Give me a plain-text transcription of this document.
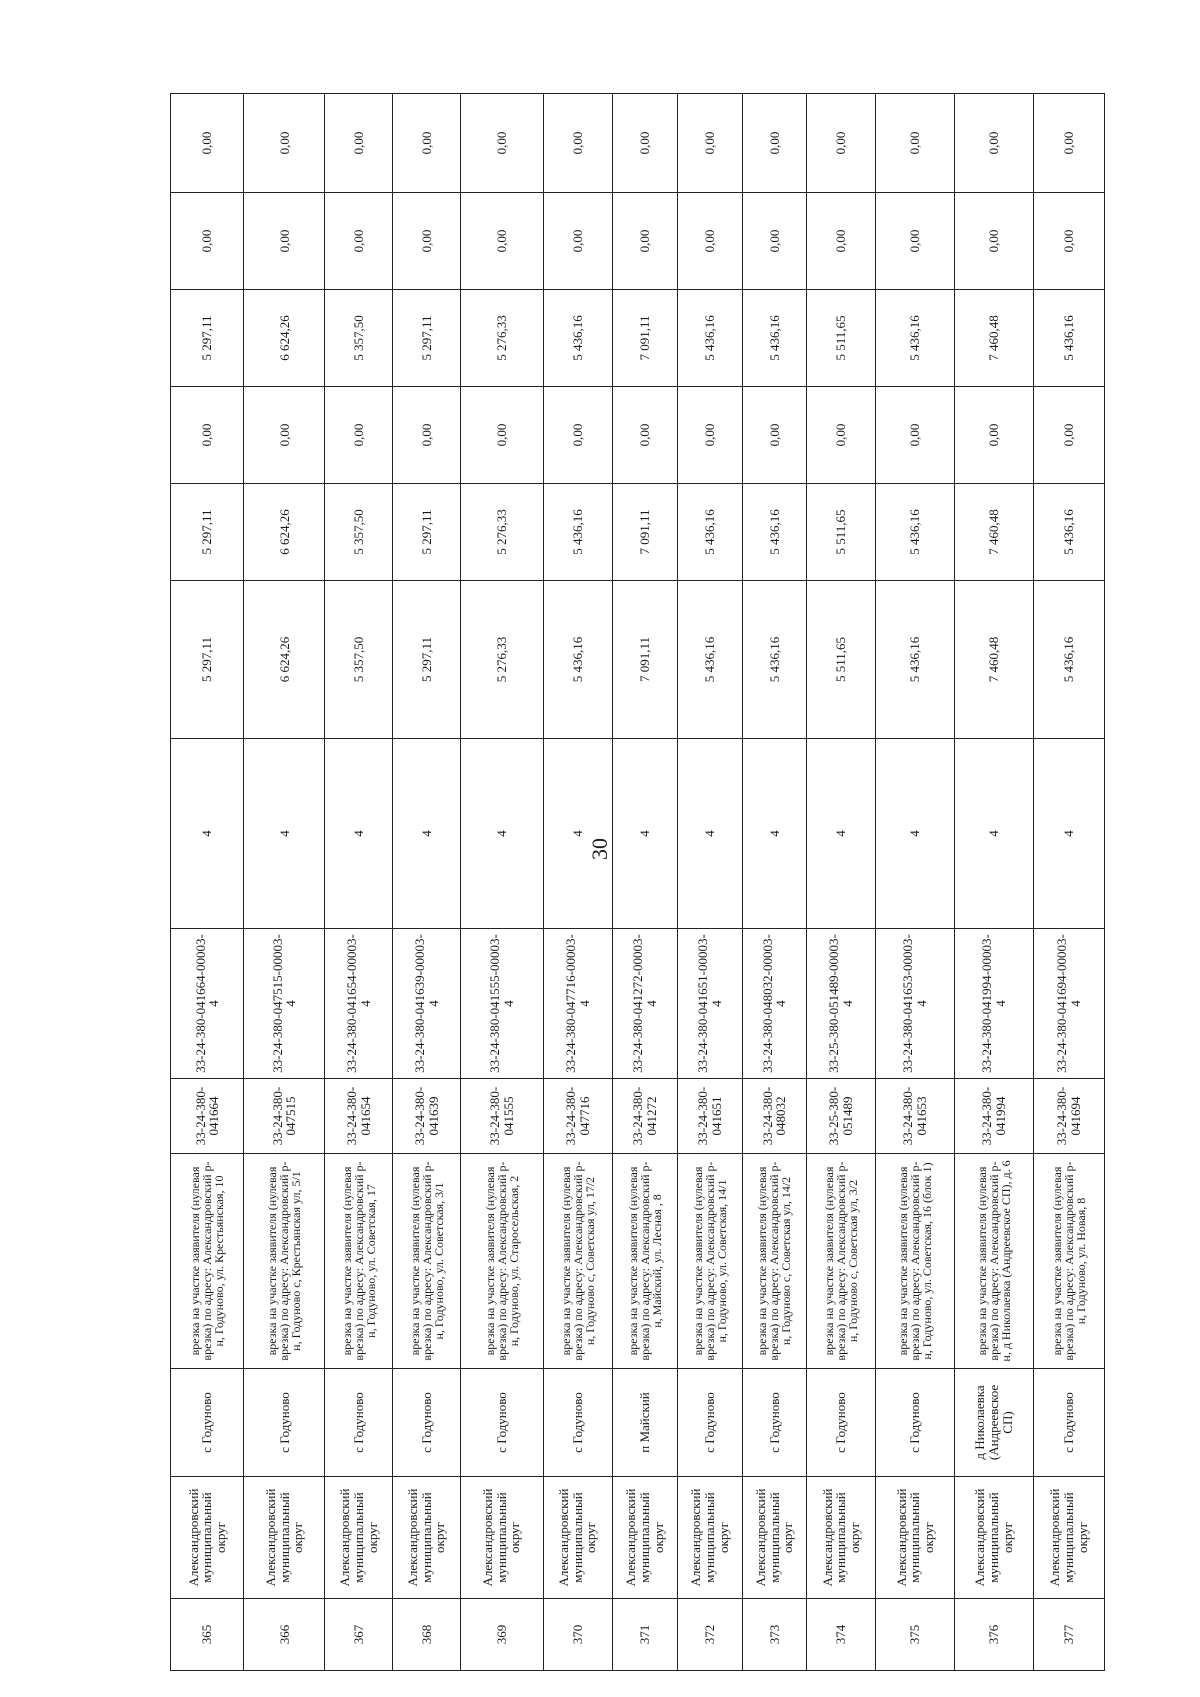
30
365	Александровский муниципальный округ	с Годуново	врезка на участке заявителя (нулевая врезка) по адресу: Александровский р-н, Годуново, ул. Крестьянская, 10	33-24-380-041664	33-24-380-041664-00003-4	4	5 297,11	5 297,11	0,00	5 297,11	0,00	0,00
366	Александровский муниципальный округ	с Годуново	врезка на участке заявителя (нулевая врезка) по адресу: Александровский р-н, Годуново с, Крестьянская ул, 5/1	33-24-380-047515	33-24-380-047515-00003-4	4	6 624,26	6 624,26	0,00	6 624,26	0,00	0,00
367	Александровский муниципальный округ	с Годуново	врезка на участке заявителя (нулевая врезка) по адресу: Александровский р-н, Годуново, ул. Советская, 17	33-24-380-041654	33-24-380-041654-00003-4	4	5 357,50	5 357,50	0,00	5 357,50	0,00	0,00
368	Александровский муниципальный округ	с Годуново	врезка на участке заявителя (нулевая врезка) по адресу: Александровский р-н, Годуново, ул. Советская, 3/1	33-24-380-041639	33-24-380-041639-00003-4	4	5 297,11	5 297,11	0,00	5 297,11	0,00	0,00
369	Александровский муниципальный округ	с Годуново	врезка на участке заявителя (нулевая врезка) по адресу: Александровский р-н, Годуново, ул. Старосельская, 2	33-24-380-041555	33-24-380-041555-00003-4	4	5 276,33	5 276,33	0,00	5 276,33	0,00	0,00
370	Александровский муниципальный округ	с Годуново	врезка на участке заявителя (нулевая врезка) по адресу: Александровский р-н, Годуново с, Советская ул, 17/2	33-24-380-047716	33-24-380-047716-00003-4	4	5 436,16	5 436,16	0,00	5 436,16	0,00	0,00
371	Александровский муниципальный округ	п Майский	врезка на участке заявителя (нулевая врезка) по адресу: Александровский р-н, Майский, ул. Лесная , 8	33-24-380-041272	33-24-380-041272-00003-4	4	7 091,11	7 091,11	0,00	7 091,11	0,00	0,00
372	Александровский муниципальный округ	с Годуново	врезка на участке заявителя (нулевая врезка) по адресу: Александровский р-н, Годуново, ул. Советская, 14/1	33-24-380-041651	33-24-380-041651-00003-4	4	5 436,16	5 436,16	0,00	5 436,16	0,00	0,00
373	Александровский муниципальный округ	с Годуново	врезка на участке заявителя (нулевая врезка) по адресу: Александровский р-н, Годуново с, Советская ул, 14/2	33-24-380-048032	33-24-380-048032-00003-4	4	5 436,16	5 436,16	0,00	5 436,16	0,00	0,00
374	Александровский муниципальный округ	с Годуново	врезка на участке заявителя (нулевая врезка) по адресу: Александровский р-н, Годуново с, Советская ул, 3/2	33-25-380-051489	33-25-380-051489-00003-4	4	5 511,65	5 511,65	0,00	5 511,65	0,00	0,00
375	Александровский муниципальный округ	с Годуново	врезка на участке заявителя (нулевая врезка) по адресу: Александровский р-н, Годуново, ул. Советская, 16 (блок 1)	33-24-380-041653	33-24-380-041653-00003-4	4	5 436,16	5 436,16	0,00	5 436,16	0,00	0,00
376	Александровский муниципальный округ	д Николаевка (Андреевское СП)	врезка на участке заявителя (нулевая врезка) по адресу: Александровский р-н, д Николаевка (Андреевское СП), д. 6	33-24-380-041994	33-24-380-041994-00003-4	4	7 460,48	7 460,48	0,00	7 460,48	0,00	0,00
377	Александровский муниципальный округ	с Годуново	врезка на участке заявителя (нулевая врезка) по адресу: Александровский р-н, Годуново, ул. Новая, 8	33-24-380-041694	33-24-380-041694-00003-4	4	5 436,16	5 436,16	0,00	5 436,16	0,00	0,00
